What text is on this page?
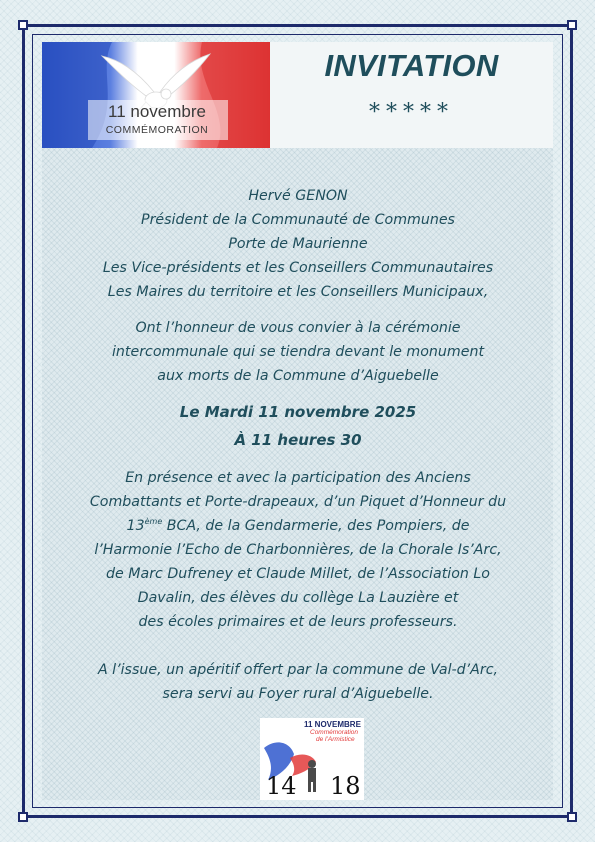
11 novembre
COMMÉMORATION
INVITATION
*****

Hervé GENON
Président de la Communauté de Communes
Porte de Maurienne
Les Vice-présidents et les Conseillers Communautaires
Les Maires du territoire et les Conseillers Municipaux,

Ont l’honneur de vous convier à la cérémonie
intercommunale qui se tiendra devant le monument
aux morts de la Commune d’Aiguebelle

Le Mardi 11 novembre 2025
À 11 heures 30

En présence et avec la participation des Anciens
Combattants et Porte-drapeaux, d’un Piquet d’Honneur du
13ème BCA, de la Gendarmerie, des Pompiers, de
l’Harmonie l’Echo de Charbonnières, de la Chorale Is’Arc,
de Marc Dufreney et Claude Millet, de l’Association Lo
Davalin, des élèves du collège La Lauzière et
des écoles primaires et de leurs professeurs.

A l’issue, un apéritif offert par la commune de Val-d’Arc,
sera servi au Foyer rural d’Aiguebelle.

11 NOVEMBRE
Commémoration
de l’Armistice
14 18
